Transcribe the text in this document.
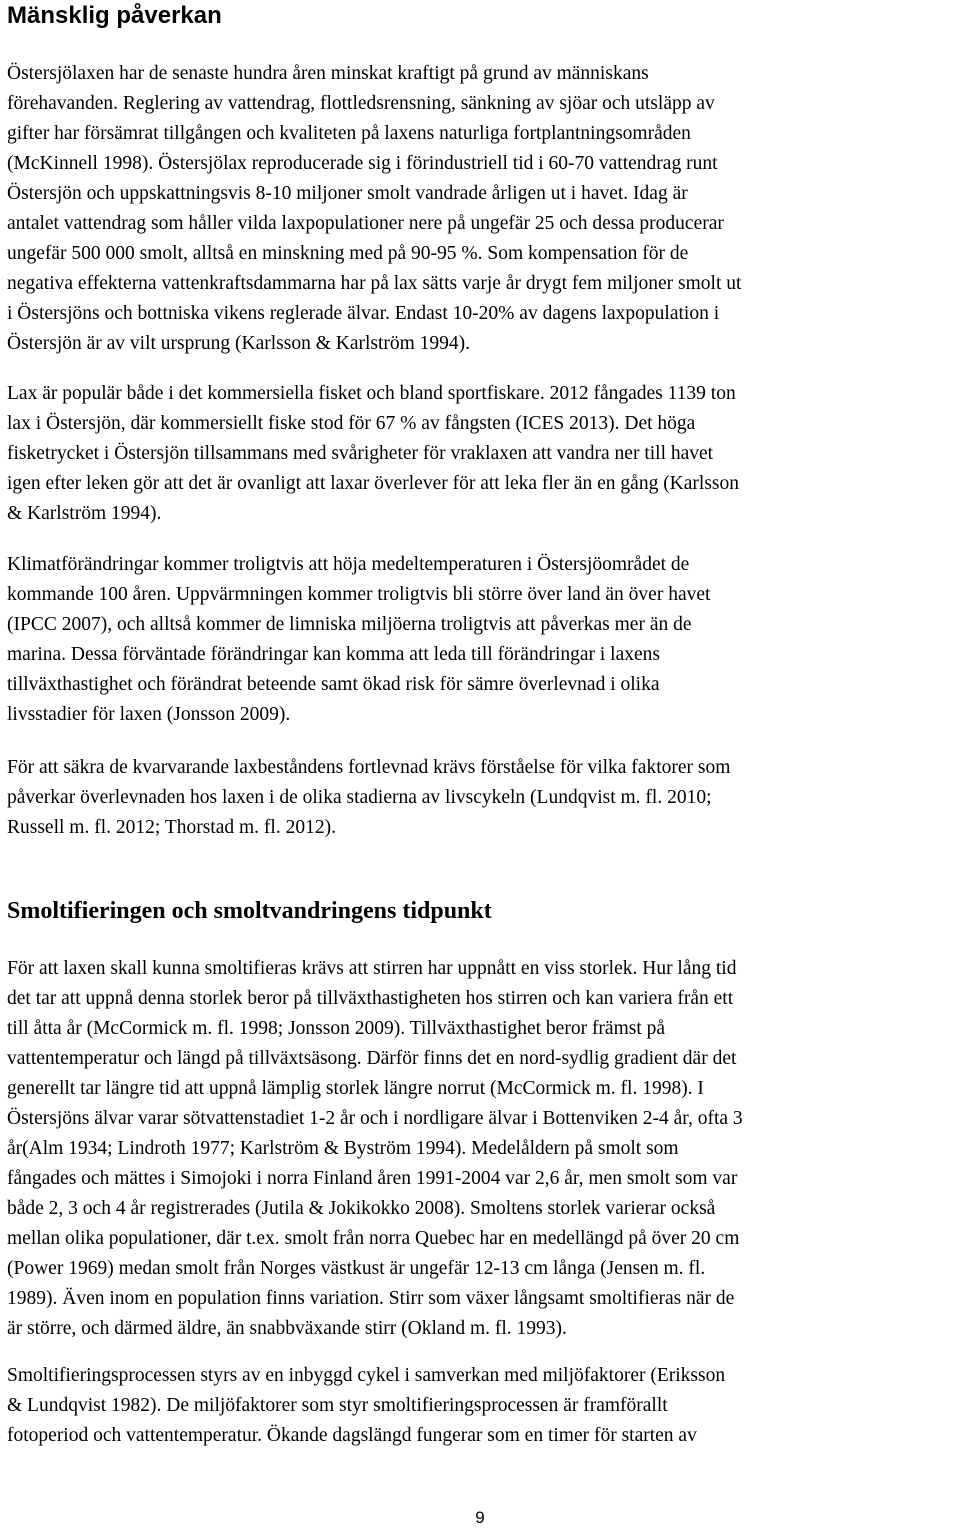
Mänsklig påverkan

Östersjölaxen har de senaste hundra åren minskat kraftigt på grund av människans
förehavanden. Reglering av vattendrag, flottledsrensning, sänkning av sjöar och utsläpp av
gifter har försämrat tillgången och kvaliteten på laxens naturliga fortplantningsområden
(McKinnell 1998). Östersjölax reproducerade sig i förindustriell tid i 60-70 vattendrag runt
Östersjön och uppskattningsvis 8-10 miljoner smolt vandrade årligen ut i havet. Idag är
antalet vattendrag som håller vilda laxpopulationer nere på ungefär 25 och dessa producerar
ungefär 500 000 smolt, alltså en minskning med på 90-95 %. Som kompensation för de
negativa effekterna vattenkraftsdammarna har på lax sätts varje år drygt fem miljoner smolt ut
i Östersjöns och bottniska vikens reglerade älvar. Endast 10-20% av dagens laxpopulation i
Östersjön är av vilt ursprung (Karlsson & Karlström 1994).

Lax är populär både i det kommersiella fisket och bland sportfiskare. 2012 fångades 1139 ton
lax i Östersjön, där kommersiellt fiske stod för 67 % av fångsten (ICES 2013). Det höga
fisketrycket i Östersjön tillsammans med svårigheter för vraklaxen att vandra ner till havet
igen efter leken gör att det är ovanligt att laxar överlever för att leka fler än en gång (Karlsson
& Karlström 1994).

Klimatförändringar kommer troligtvis att höja medeltemperaturen i Östersjöområdet de
kommande 100 åren. Uppvärmningen kommer troligtvis bli större över land än över havet
(IPCC 2007), och alltså kommer de limniska miljöerna troligtvis att påverkas mer än de
marina. Dessa förväntade förändringar kan komma att leda till förändringar i laxens
tillväxthastighet och förändrat beteende samt ökad risk för sämre överlevnad i olika
livsstadier för laxen (Jonsson 2009).

För att säkra de kvarvarande laxbeståndens fortlevnad krävs förståelse för vilka faktorer som
påverkar överlevnaden hos laxen i de olika stadierna av livscykeln (Lundqvist m. fl. 2010;
Russell m. fl. 2012; Thorstad m. fl. 2012).

Smoltifieringen och smoltvandringens tidpunkt

För att laxen skall kunna smoltifieras krävs att stirren har uppnått en viss storlek. Hur lång tid
det tar att uppnå denna storlek beror på tillväxthastigheten hos stirren och kan variera från ett
till åtta år (McCormick m. fl. 1998; Jonsson 2009). Tillväxthastighet beror främst på
vattentemperatur och längd på tillväxtsäsong. Därför finns det en nord-sydlig gradient där det
generellt tar längre tid att uppnå lämplig storlek längre norrut (McCormick m. fl. 1998). I
Östersjöns älvar varar sötvattenstadiet 1-2 år och i nordligare älvar i Bottenviken 2-4 år, ofta 3
år(Alm 1934; Lindroth 1977; Karlström & Byström 1994). Medelåldern på smolt som
fångades och mättes i Simojoki i norra Finland åren 1991-2004 var 2,6 år, men smolt som var
både 2, 3 och 4 år registrerades (Jutila & Jokikokko 2008). Smoltens storlek varierar också
mellan olika populationer, där t.ex. smolt från norra Quebec har en medellängd på över 20 cm
(Power 1969) medan smolt från Norges västkust är ungefär 12-13 cm långa (Jensen m. fl.
1989). Även inom en population finns variation. Stirr som växer långsamt smoltifieras när de
är större, och därmed äldre, än snabbväxande stirr (Okland m. fl. 1993).

Smoltifieringsprocessen styrs av en inbyggd cykel i samverkan med miljöfaktorer (Eriksson
& Lundqvist 1982). De miljöfaktorer som styr smoltifieringsprocessen är framförallt
fotoperiod och vattentemperatur. Ökande dagslängd fungerar som en timer för starten av

9
